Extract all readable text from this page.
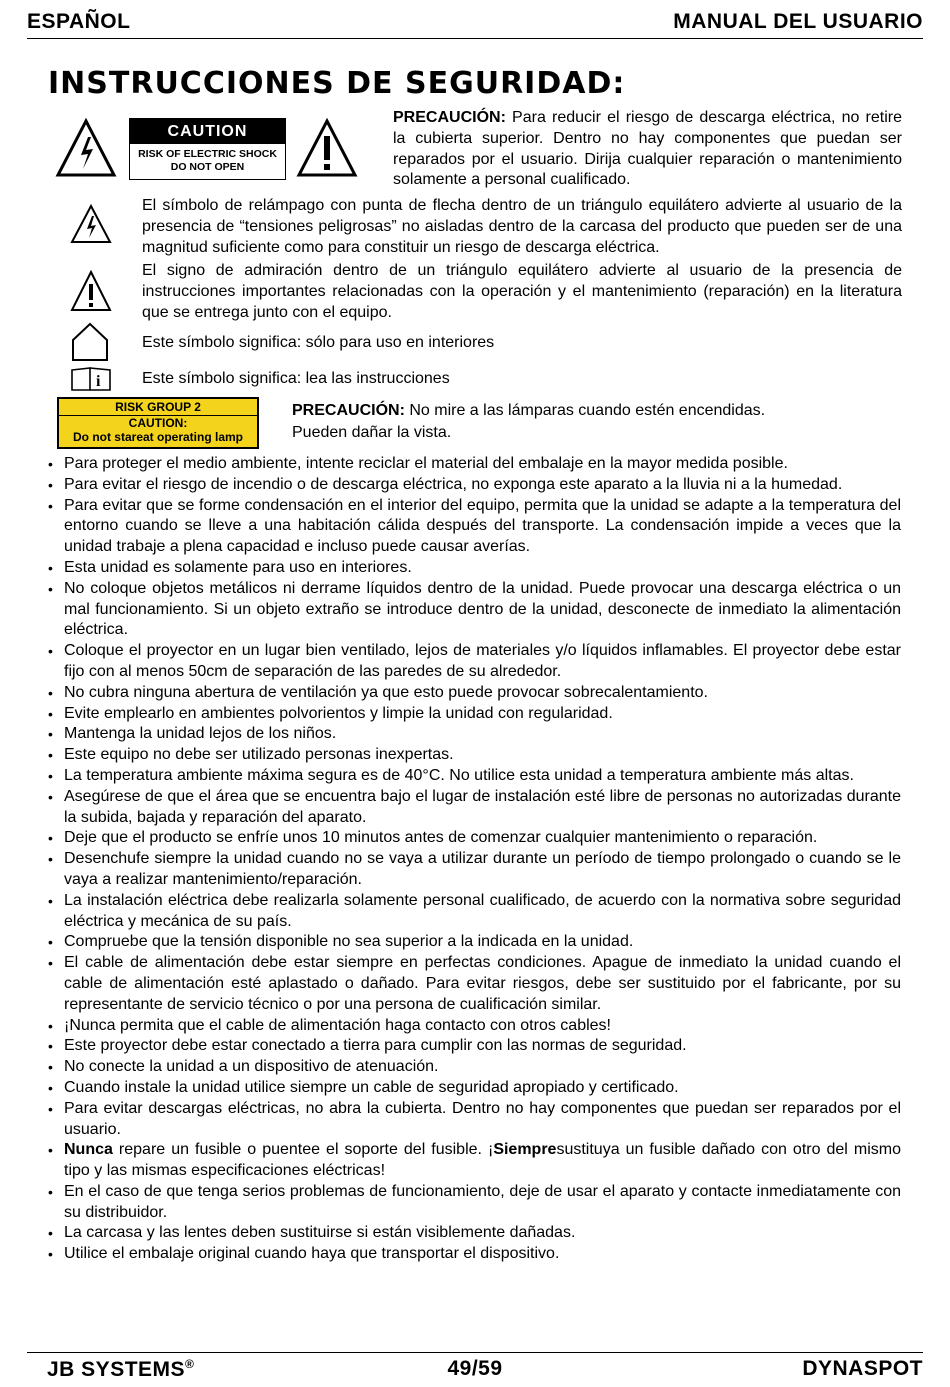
ESPAÑOL	MANUAL DEL USUARIO
INSTRUCCIONES DE SEGURIDAD:
CAUTION
RISK OF ELECTRIC SHOCK
DO NOT OPEN
PRECAUCIÓN: Para reducir el riesgo de descarga eléctrica, no retire la cubierta superior. Dentro no hay componentes que puedan ser reparados por el usuario. Dirija cualquier reparación o mantenimiento solamente a personal cualificado.
El símbolo de relámpago con punta de flecha dentro de un triángulo equilátero advierte al usuario de la presencia de “tensiones peligrosas” no aisladas dentro de la carcasa del producto que pueden ser de una magnitud suficiente como para constituir un riesgo de descarga eléctrica.
El signo de admiración dentro de un triángulo equilátero advierte al usuario de la presencia de instrucciones importantes relacionadas con la operación y el mantenimiento (reparación) en la literatura que se entrega junto con el equipo.
Este símbolo significa: sólo para uso en interiores
i	Este símbolo significa: lea las instrucciones
RISK GROUP 2
CAUTION:
Do not stareat operating lamp
PRECAUCIÓN: No mire a las lámparas cuando estén encendidas.
Pueden dañar la vista.
• Para proteger el medio ambiente, intente reciclar el material del embalaje en la mayor medida posible.
• Para evitar el riesgo de incendio o de descarga eléctrica, no exponga este aparato a la lluvia ni a la humedad.
• Para evitar que se forme condensación en el interior del equipo, permita que la unidad se adapte a la temperatura del entorno cuando se lleve a una habitación cálida después del transporte. La condensación impide a veces que la unidad trabaje a plena capacidad e incluso puede causar averías.
• Esta unidad es solamente para uso en interiores.
• No coloque objetos metálicos ni derrame líquidos dentro de la unidad. Puede provocar una descarga eléctrica o un mal funcionamiento. Si un objeto extraño se introduce dentro de la unidad, desconecte de inmediato la alimentación eléctrica.
• Coloque el proyector en un lugar bien ventilado, lejos de materiales y/o líquidos inflamables. El proyector debe estar fijo con al menos 50cm de separación de las paredes de su alrededor.
• No cubra ninguna abertura de ventilación ya que esto puede provocar sobrecalentamiento.
• Evite emplearlo en ambientes polvorientos y limpie la unidad con regularidad.
• Mantenga la unidad lejos de los niños.
• Este equipo no debe ser utilizado personas inexpertas.
• La temperatura ambiente máxima segura es de 40°C. No utilice esta unidad a temperatura ambiente más altas.
• Asegúrese de que el área que se encuentra bajo el lugar de instalación esté libre de personas no autorizadas durante la subida, bajada y reparación del aparato.
• Deje que el producto se enfríe unos 10 minutos antes de comenzar cualquier mantenimiento o reparación.
• Desenchufe siempre la unidad cuando no se vaya a utilizar durante un período de tiempo prolongado o cuando se le vaya a realizar mantenimiento/reparación.
• La instalación eléctrica debe realizarla solamente personal cualificado, de acuerdo con la normativa sobre seguridad eléctrica y mecánica de su país.
• Compruebe que la tensión disponible no sea superior a la indicada en la unidad.
• El cable de alimentación debe estar siempre en perfectas condiciones. Apague de inmediato la unidad cuando el cable de alimentación esté aplastado o dañado. Para evitar riesgos, debe ser sustituido por el fabricante, por su representante de servicio técnico o por una persona de cualificación similar.
• ¡Nunca permita que el cable de alimentación haga contacto con otros cables!
• Este proyector debe estar conectado a tierra para cumplir con las normas de seguridad.
• No conecte la unidad a un dispositivo de atenuación.
• Cuando instale la unidad utilice siempre un cable de seguridad apropiado y certificado.
• Para evitar descargas eléctricas, no abra la cubierta. Dentro no hay componentes que puedan ser reparados por el usuario.
• Nunca repare un fusible o puentee el soporte del fusible. ¡Siempresustituya un fusible dañado con otro del mismo tipo y las mismas especificaciones eléctricas!
• En el caso de que tenga serios problemas de funcionamiento, deje de usar el aparato y contacte inmediatamente con su distribuidor.
• La carcasa y las lentes deben sustituirse si están visiblemente dañadas.
• Utilice el embalaje original cuando haya que transportar el dispositivo.
JB SYSTEMS®	49/59	DYNASPOT
